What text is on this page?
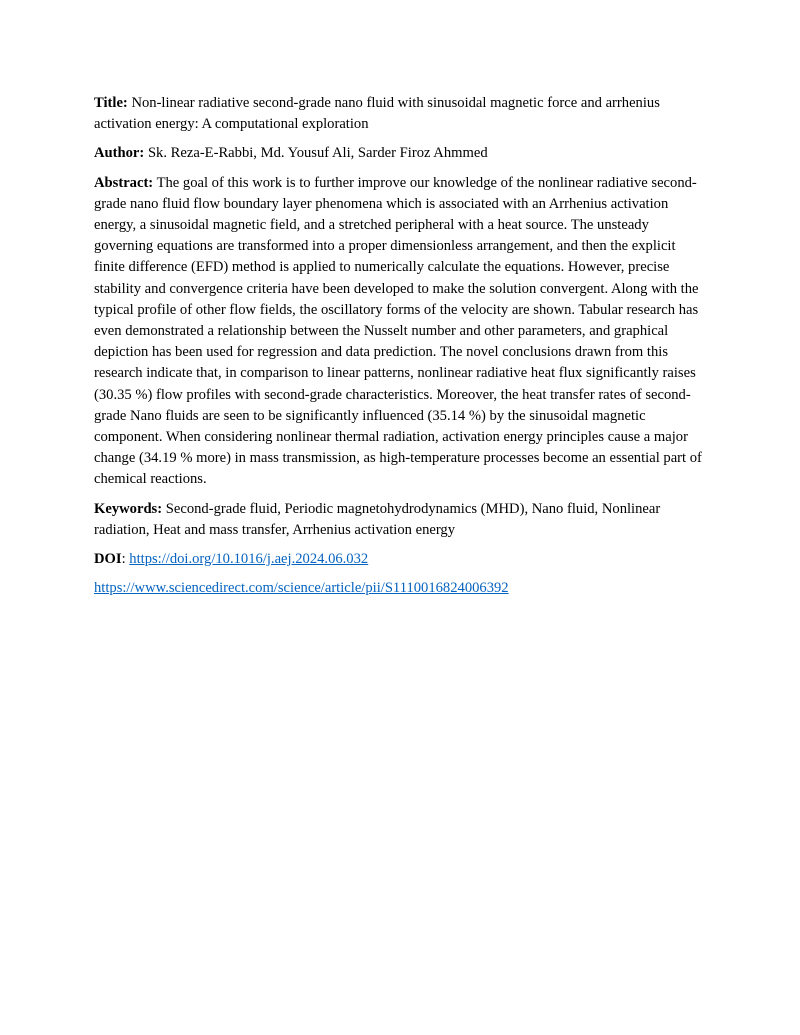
Title: Non-linear radiative second-grade nano fluid with sinusoidal magnetic force and arrhenius activation energy: A computational exploration

Author: Sk. Reza-E-Rabbi, Md. Yousuf Ali, Sarder Firoz Ahmmed

Abstract: The goal of this work is to further improve our knowledge of the nonlinear radiative second-grade nano fluid flow boundary layer phenomena which is associated with an Arrhenius activation energy, a sinusoidal magnetic field, and a stretched peripheral with a heat source. The unsteady governing equations are transformed into a proper dimensionless arrangement, and then the explicit finite difference (EFD) method is applied to numerically calculate the equations. However, precise stability and convergence criteria have been developed to make the solution convergent. Along with the typical profile of other flow fields, the oscillatory forms of the velocity are shown. Tabular research has even demonstrated a relationship between the Nusselt number and other parameters, and graphical depiction has been used for regression and data prediction. The novel conclusions drawn from this research indicate that, in comparison to linear patterns, nonlinear radiative heat flux significantly raises (30.35 %) flow profiles with second-grade characteristics. Moreover, the heat transfer rates of second-grade Nano fluids are seen to be significantly influenced (35.14 %) by the sinusoidal magnetic component. When considering nonlinear thermal radiation, activation energy principles cause a major change (34.19 % more) in mass transmission, as high-temperature processes become an essential part of chemical reactions.

Keywords: Second-grade fluid, Periodic magnetohydrodynamics (MHD), Nano fluid, Nonlinear radiation, Heat and mass transfer, Arrhenius activation energy

DOI: https://doi.org/10.1016/j.aej.2024.06.032

https://www.sciencedirect.com/science/article/pii/S1110016824006392
